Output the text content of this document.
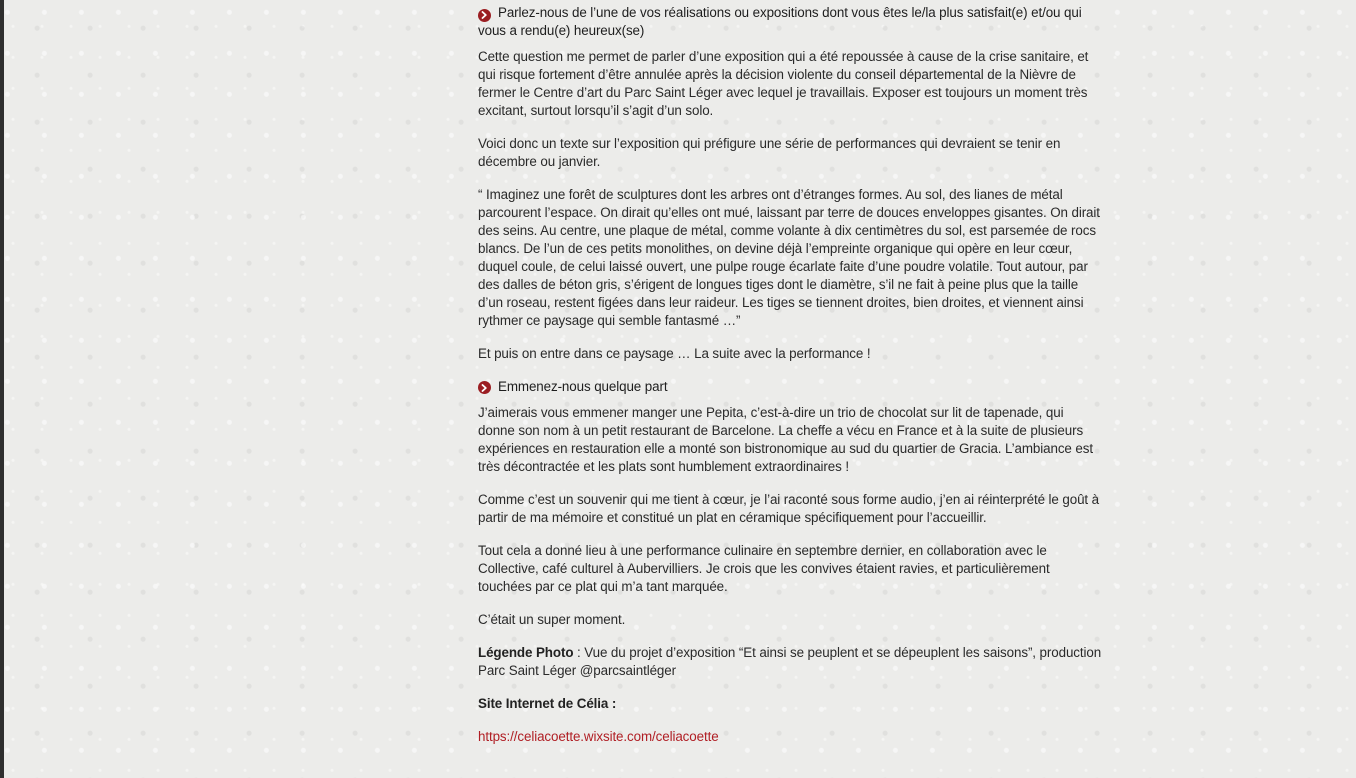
Parlez-nous de l’une de vos réalisations ou expositions dont vous êtes le/la plus satisfait(e) et/ou qui vous a rendu(e) heureux(se)

Cette question me permet de parler d’une exposition qui a été repoussée à cause de la crise sanitaire, et qui risque fortement d’être annulée après la décision violente du conseil départemental de la Nièvre de fermer le Centre d’art du Parc Saint Léger avec lequel je travaillais. Exposer est toujours un moment très excitant, surtout lorsqu’il s’agit d’un solo.

Voici donc un texte sur l’exposition qui préfigure une série de performances qui devraient se tenir en décembre ou janvier.

“ Imaginez une forêt de sculptures dont les arbres ont d’étranges formes. Au sol, des lianes de métal parcourent l’espace. On dirait qu’elles ont mué, laissant par terre de douces enveloppes gisantes. On dirait des seins. Au centre, une plaque de métal, comme volante à dix centimètres du sol, est parsemée de rocs blancs. De l’un de ces petits monolithes, on devine déjà l’empreinte organique qui opère en leur cœur, duquel coule, de celui laissé ouvert, une pulpe rouge écarlate faite d’une poudre volatile. Tout autour, par des dalles de béton gris, s’érigent de longues tiges dont le diamètre, s’il ne fait à peine plus que la taille d’un roseau, restent figées dans leur raideur. Les tiges se tiennent droites, bien droites, et viennent ainsi rythmer ce paysage qui semble fantasmé …”

Et puis on entre dans ce paysage … La suite avec la performance !

Emmenez-nous quelque part

J’aimerais vous emmener manger une Pepita, c’est-à-dire un trio de chocolat sur lit de tapenade, qui donne son nom à un petit restaurant de Barcelone. La cheffe a vécu en France et à la suite de plusieurs expériences en restauration elle a monté son bistronomique au sud du quartier de Gracia. L’ambiance est très décontractée et les plats sont humblement extraordinaires !

Comme c’est un souvenir qui me tient à cœur, je l’ai raconté sous forme audio, j’en ai réinterprété le goût à partir de ma mémoire et constitué un plat en céramique spécifiquement pour l’accueillir.

Tout cela a donné lieu à une performance culinaire en septembre dernier, en collaboration avec le Collective, café culturel à Aubervilliers. Je crois que les convives étaient ravies, et particulièrement touchées par ce plat qui m’a tant marquée.

C’était un super moment.

Légende Photo : Vue du projet d’exposition “Et ainsi se peuplent et se dépeuplent les saisons”, production Parc Saint Léger @parcsaintléger

Site Internet de Célia :

https://celiacoette.wixsite.com/celiacoette
